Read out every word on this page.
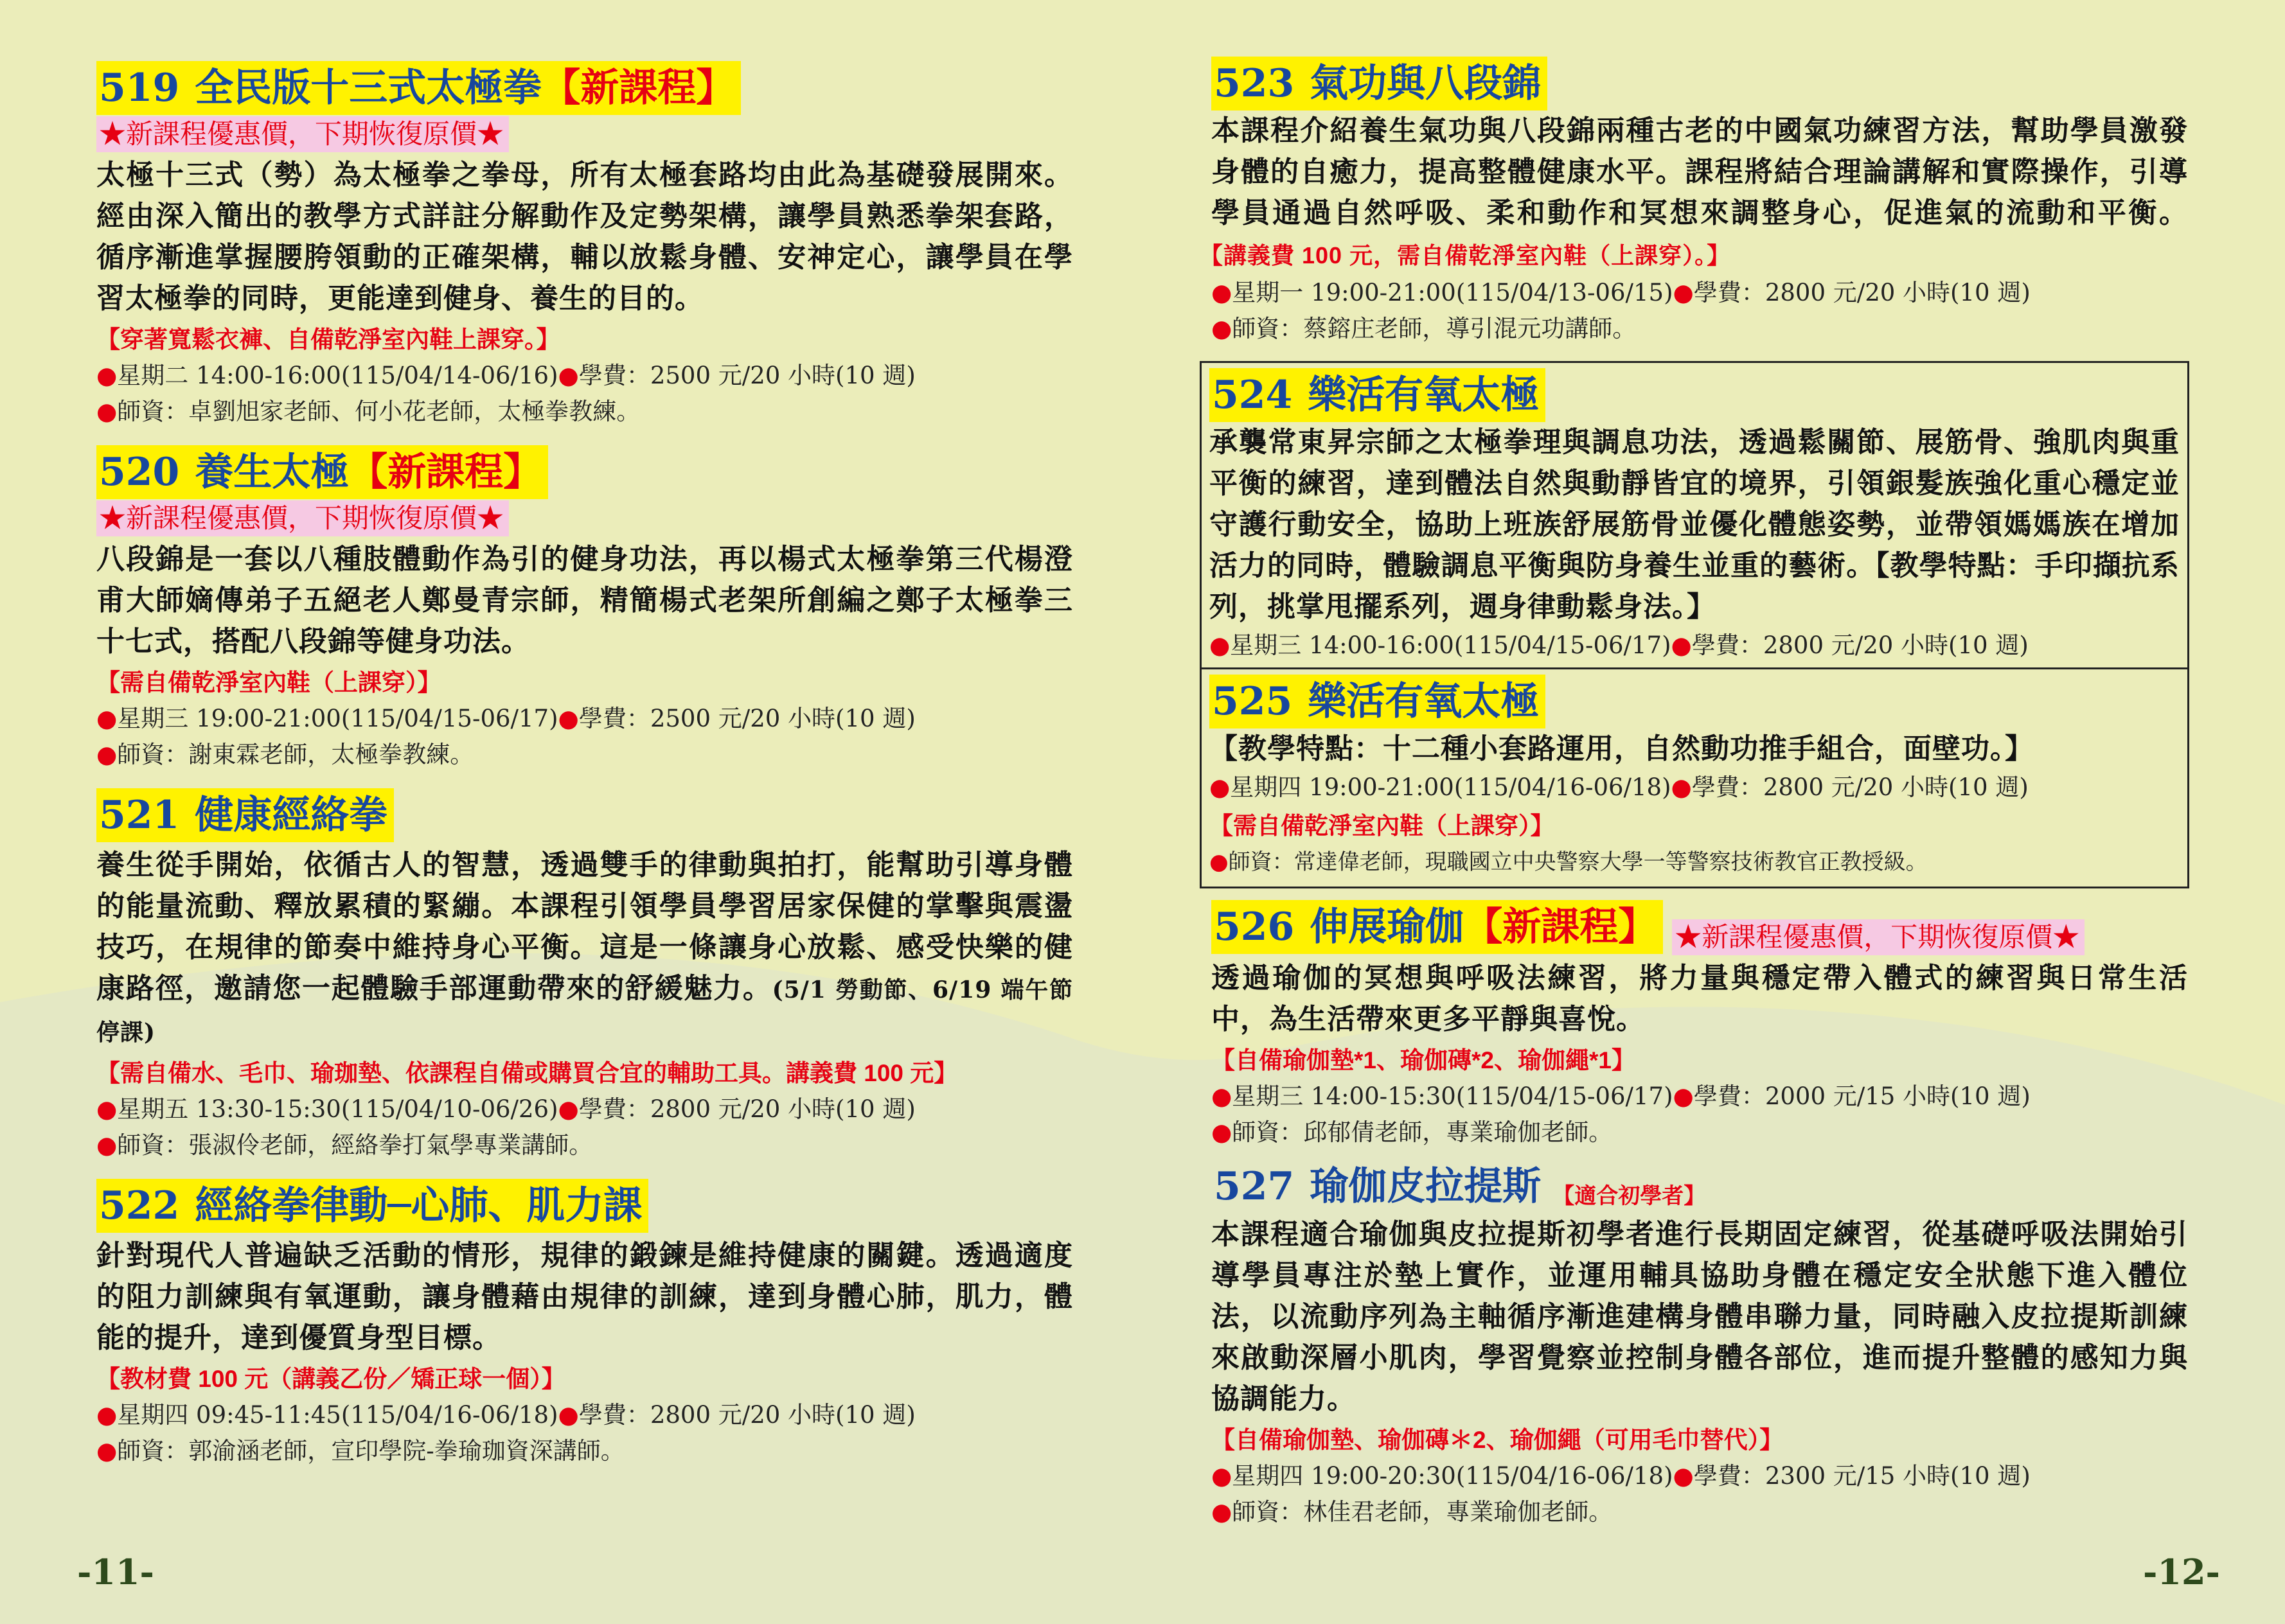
519 全民版十三式太極拳【新課程】
★新課程優惠價，下期恢復原價★
太極十三式（勢）為太極拳之拳母，所有太極套路均由此為基礎發展開來。經由深入簡出的教學方式詳註分解動作及定勢架構，讓學員熟悉拳架套路，循序漸進掌握腰胯領動的正確架構，輔以放鬆身體、安神定心，讓學員在學習太極拳的同時，更能達到健身、養生的目的。
【穿著寬鬆衣褲、自備乾淨室內鞋上課穿。】
●星期二 14:00-16:00(115/04/14-06/16)●學費：2500 元/20 小時(10 週)
●師資：卓劉旭家老師、何小花老師，太極拳教練。
520 養生太極【新課程】
★新課程優惠價，下期恢復原價★
八段錦是一套以八種肢體動作為引的健身功法，再以楊式太極拳第三代楊澄甫大師嫡傳弟子五絕老人鄭曼青宗師，精簡楊式老架所創編之鄭子太極拳三十七式，搭配八段錦等健身功法。
【需自備乾淨室內鞋（上課穿）】
●星期三 19:00-21:00(115/04/15-06/17)●學費：2500 元/20 小時(10 週)
●師資：謝東霖老師，太極拳教練。
521 健康經絡拳
養生從手開始，依循古人的智慧，透過雙手的律動與拍打，能幫助引導身體的能量流動、釋放累積的緊繃。本課程引領學員學習居家保健的掌擊與震盪技巧，在規律的節奏中維持身心平衡。這是一條讓身心放鬆、感受快樂的健康路徑，邀請您一起體驗手部運動帶來的舒緩魅力。(5/1 勞動節、6/19 端午節停課)
【需自備水、毛巾、瑜珈墊、依課程自備或購買合宜的輔助工具。講義費 100 元】
●星期五 13:30-15:30(115/04/10-06/26)●學費：2800 元/20 小時(10 週)
●師資：張淑伶老師，經絡拳打氣學專業講師。
522 經絡拳律動─心肺、肌力課
針對現代人普遍缺乏活動的情形，規律的鍛鍊是維持健康的關鍵。透過適度的阻力訓練與有氧運動，讓身體藉由規律的訓練，達到身體心肺，肌力，體能的提升，達到優質身型目標。
【教材費 100 元（講義乙份／矯正球一個）】
●星期四 09:45-11:45(115/04/16-06/18)●學費：2800 元/20 小時(10 週)
●師資：郭渝涵老師，宣印學院-拳瑜珈資深講師。
523 氣功與八段錦
本課程介紹養生氣功與八段錦兩種古老的中國氣功練習方法，幫助學員激發身體的自癒力，提高整體健康水平。課程將結合理論講解和實際操作，引導學員通過自然呼吸、柔和動作和冥想來調整身心，促進氣的流動和平衡。【講義費 100 元，需自備乾淨室內鞋（上課穿）。】
●星期一 19:00-21:00(115/04/13-06/15)●學費：2800 元/20 小時(10 週)
●師資：蔡鎔庄老師，導引混元功講師。
524 樂活有氧太極
承襲常東昇宗師之太極拳理與調息功法，透過鬆關節、展筋骨、強肌肉與重平衡的練習，達到體法自然與動靜皆宜的境界，引領銀髮族強化重心穩定並守護行動安全，協助上班族舒展筋骨並優化體態姿勢，並帶領媽媽族在增加活力的同時，體驗調息平衡與防身養生並重的藝術。【教學特點：手印擷抗系列，挑掌甩擺系列，週身律動鬆身法。】
●星期三 14:00-16:00(115/04/15-06/17)●學費：2800 元/20 小時(10 週)
525 樂活有氧太極
【教學特點：十二種小套路運用，自然動功推手組合，面壁功。】
●星期四 19:00-21:00(115/04/16-06/18)●學費：2800 元/20 小時(10 週)
【需自備乾淨室內鞋（上課穿）】
●師資：常達偉老師，現職國立中央警察大學一等警察技術教官正教授級。
526 伸展瑜伽【新課程】 ★新課程優惠價，下期恢復原價★
透過瑜伽的冥想與呼吸法練習，將力量與穩定帶入體式的練習與日常生活中，為生活帶來更多平靜與喜悅。
【自備瑜伽墊*1、瑜伽磚*2、瑜伽繩*1】
●星期三 14:00-15:30(115/04/15-06/17)●學費：2000 元/15 小時(10 週)
●師資：邱郁倩老師，專業瑜伽老師。
527 瑜伽皮拉提斯 【適合初學者】
本課程適合瑜伽與皮拉提斯初學者進行長期固定練習，從基礎呼吸法開始引導學員專注於墊上實作，並運用輔具協助身體在穩定安全狀態下進入體位法，以流動序列為主軸循序漸進建構身體串聯力量，同時融入皮拉提斯訓練來啟動深層小肌肉，學習覺察並控制身體各部位，進而提升整體的感知力與協調能力。
【自備瑜伽墊、瑜伽磚＊2、瑜伽繩（可用毛巾替代）】
●星期四 19:00-20:30(115/04/16-06/18)●學費：2300 元/15 小時(10 週)
●師資：林佳君老師，專業瑜伽老師。
-11-	-12-
